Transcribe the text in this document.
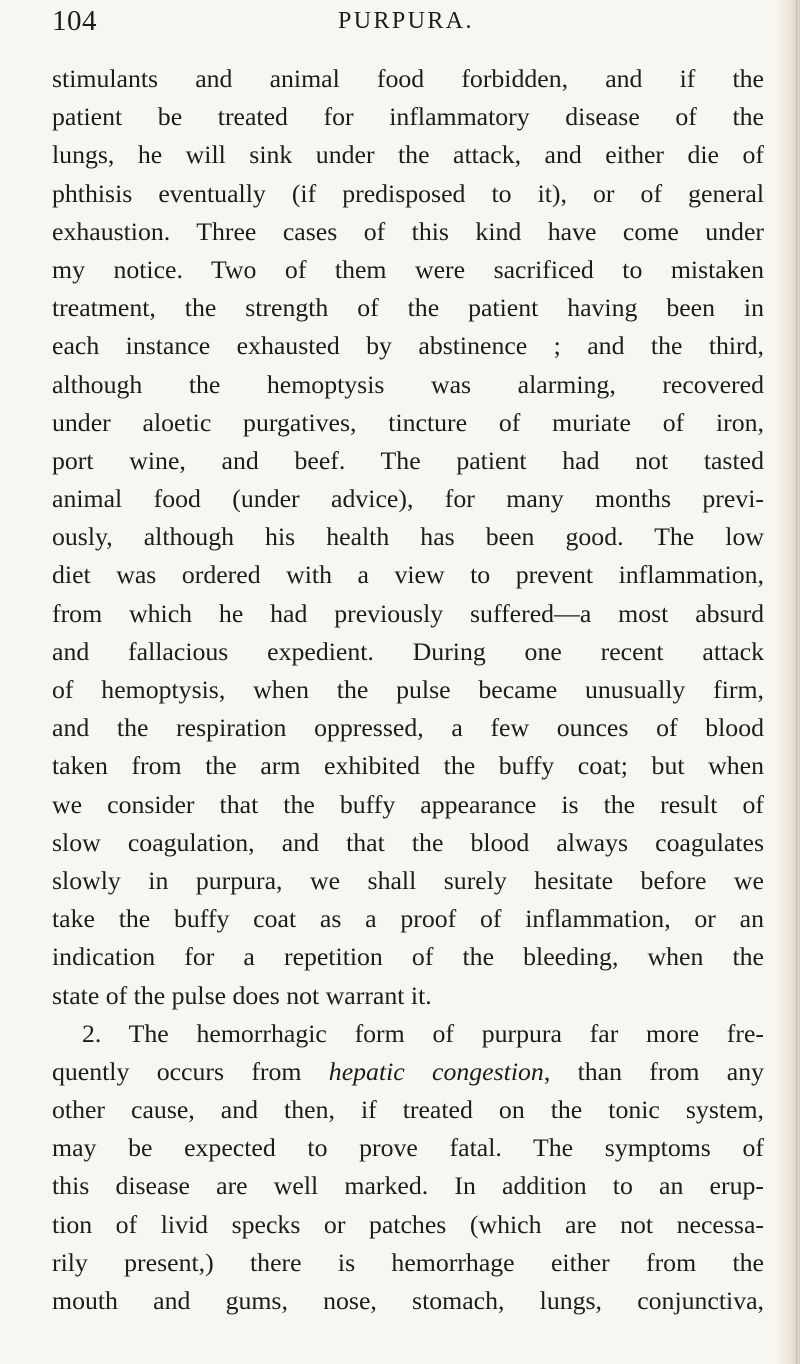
104	PURPURA.
stimulants and animal food forbidden, and if the
patient be treated for inflammatory disease of the
lungs, he will sink under the attack, and either die of
phthisis eventually (if predisposed to it), or of general
exhaustion. Three cases of this kind have come under
my notice. Two of them were sacrificed to mistaken
treatment, the strength of the patient having been in
each instance exhausted by abstinence ; and the third,
although the hemoptysis was alarming, recovered
under aloetic purgatives, tincture of muriate of iron,
port wine, and beef. The patient had not tasted
animal food (under advice), for many months previ-
ously, although his health has been good. The low
diet was ordered with a view to prevent inflammation,
from which he had previously suffered—a most absurd
and fallacious expedient. During one recent attack
of hemoptysis, when the pulse became unusually firm,
and the respiration oppressed, a few ounces of blood
taken from the arm exhibited the buffy coat; but when
we consider that the buffy appearance is the result of
slow coagulation, and that the blood always coagulates
slowly in purpura, we shall surely hesitate before we
take the buffy coat as a proof of inflammation, or an
indication for a repetition of the bleeding, when the
state of the pulse does not warrant it.
2. The hemorrhagic form of purpura far more fre-
quently occurs from hepatic congestion, than from any
other cause, and then, if treated on the tonic system,
may be expected to prove fatal. The symptoms of
this disease are well marked. In addition to an erup-
tion of livid specks or patches (which are not necessa-
rily present,) there is hemorrhage either from the
mouth and gums, nose, stomach, lungs, conjunctiva,
